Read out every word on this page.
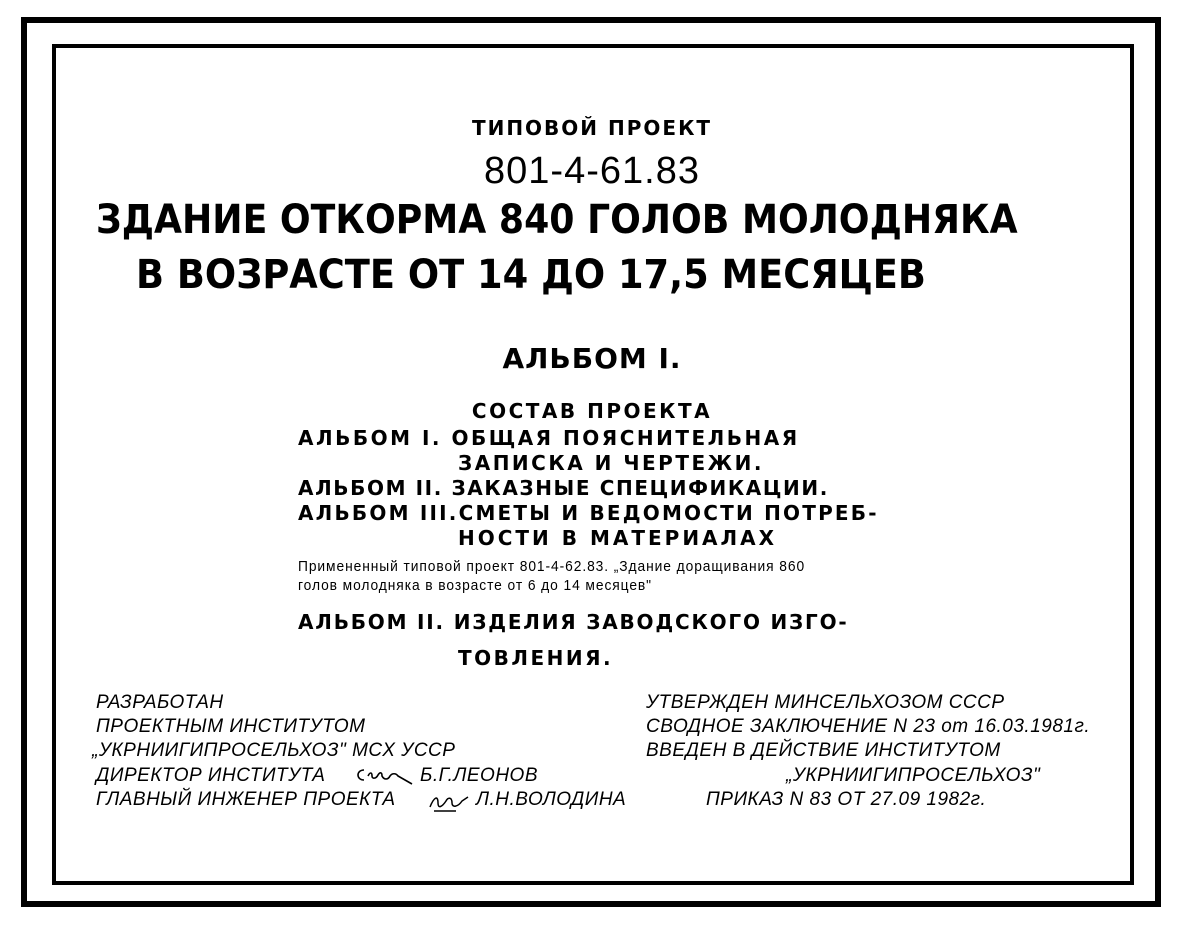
ТИПОВОЙ ПРОЕКТ
801-4-61.83
ЗДАНИЕ ОТКОРМА 840 ГОЛОВ МОЛОДНЯКА
В ВОЗРАСТЕ ОТ 14 ДО 17,5 МЕСЯЦЕВ
АЛЬБОМ I.
СОСТАВ ПРОЕКТА
АЛЬБОМ I. ОБЩАЯ ПОЯСНИТЕЛЬНАЯ
ЗАПИСКА И ЧЕРТЕЖИ.
АЛЬБОМ II. ЗАКАЗНЫЕ СПЕЦИФИКАЦИИ.
АЛЬБОМ III.СМЕТЫ И ВЕДОМОСТИ ПОТРЕБ-
НОСТИ В МАТЕРИАЛАХ
Примененный типовой проект 801-4-62.83. „Здание доращивания 860
голов молодняка в возрасте от 6 до 14 месяцев"
АЛЬБОМ II. ИЗДЕЛИЯ ЗАВОДСКОГО ИЗГО-
ТОВЛЕНИЯ.
РАЗРАБОТАН
ПРОЕКТНЫМ ИНСТИТУТОМ
„УКРНИИГИПРОСЕЛЬХОЗ" МСХ УССР
ДИРЕКТОР ИНСТИТУТА	Б.Г.ЛЕОНОВ
ГЛАВНЫЙ ИНЖЕНЕР ПРОЕКТА	Л.Н.ВОЛОДИНА
УТВЕРЖДЕН МИНСЕЛЬХОЗОМ СССР
СВОДНОЕ ЗАКЛЮЧЕНИЕ N 23 от 16.03.1981г.
ВВЕДЕН В ДЕЙСТВИЕ ИНСТИТУТОМ
„УКРНИИГИПРОСЕЛЬХОЗ"
ПРИКАЗ N 83 ОТ 27.09 1982г.
